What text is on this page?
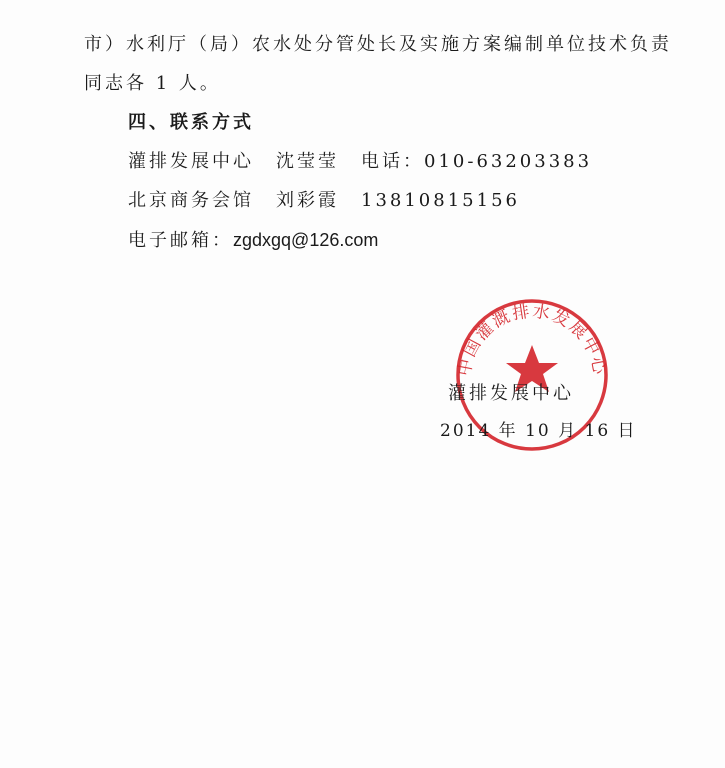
市）水利厅（局）农水处分管处长及实施方案编制单位技术负责
同志各 1 人。
四、联系方式
灌排发展中心 沈莹莹 电话：010-63203383
北京商务会馆 刘彩霞 13810815156
电子邮箱：zgdxgq@126.com
中国灌溉排水发展中心
灌排发展中心
2014 年 10 月 16 日
